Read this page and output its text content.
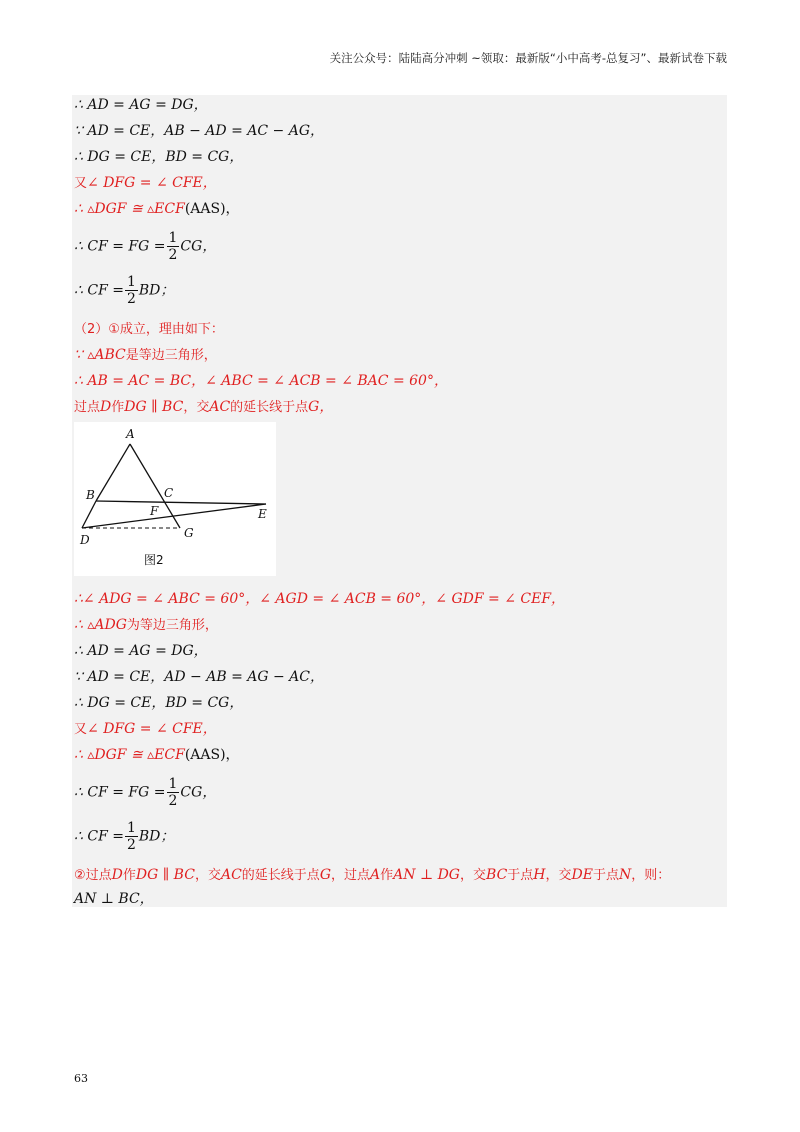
关注公众号：陆陆高分冲刺 ~领取：最新版“小中高考-总复习”、最新试卷下载
∴ AD = AG = DG，
∵ AD = CE，AB − AD = AC − AG，
∴ DG = CE，BD = CG，
又∠ DFG = ∠ CFE，
∴ ▵DGF ≅ ▵ECF(AAS)，
∴ CF = FG = $\frac{1}{2}$ CG，
∴ CF = $\frac{1}{2}$ BD；
（2）①成立，理由如下：
∵ ▵ABC是等边三角形，
∴ AB = AC = BC，∠ ABC = ∠ ACB = ∠ BAC = 60°，
过点D作DG ∥ BC，交AC的延长线于点G，
A
B	C
F	E
D	G
图2
∴∠ ADG = ∠ ABC = 60°，∠ AGD = ∠ ACB = 60°，∠ GDF = ∠ CEF，
∴ ▵ADG为等边三角形，
∴ AD = AG = DG，
∵ AD = CE，AD − AB = AG − AC，
∴ DG = CE，BD = CG，
又∠ DFG = ∠ CFE，
∴ ▵DGF ≅ ▵ECF(AAS)，
∴ CF = FG = $\frac{1}{2}$ CG，
∴ CF = $\frac{1}{2}$ BD；
②过点D作DG ∥ BC，交AC的延长线于点G，过点A作AN ⊥ DG，交BC于点H，交DE于点N，则：
AN ⊥ BC，
63
